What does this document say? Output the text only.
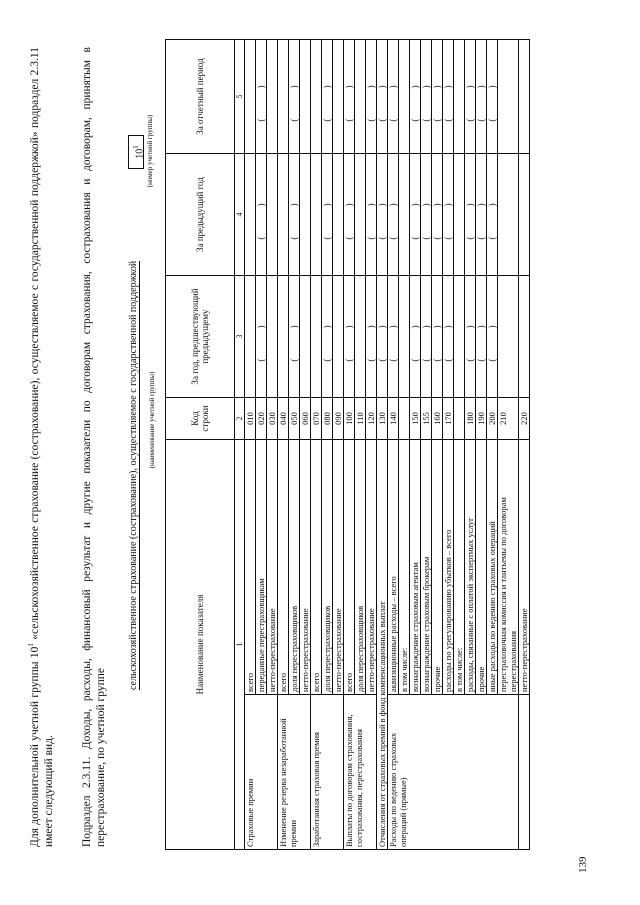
139

Для дополнительной учетной группы $10^1$ «сельскохозяйственное страхование (сострахование), осуществляемое с государственной поддержкой» подраздел 2.3.11 имеет следующий вид. Подраздел 2.3.11. Доходы, расходы, финансовый результат и другие показатели по договорам страхования, сострахования и договорам, принятым в перестрахование, по учетной группе

$10^1$ (номер учетной группы)
сельскохозяйственное страхование (сострахование), осуществляемое с государственной поддержкой (наименование учетной группы)
Наименование показателя		Код строки	За год, предшествующий предыдущему	За предыдущий год	За отчетный период
1		2	3	4	5
Страховые премии	всего	010			
	переданные перестраховщикам	020	( )	( )	( )
	нетто-перестрахование	030			
Изменение резерва незаработанной премии	всего	040			
	доля перестраховщиков	050	( )	( )	( )
	нетто-перестрахование	060			
Заработанная страховая премия	всего	070			
	доля перестраховщиков	080	( )	( )	( )
	нетто-перестрахование	090			
Выплаты по договорам страхования, сострахования, перестрахования	всего	100	( )	( )	( )
	доля перестраховщиков	110			
	нетто-перестрахование	120	( )	( )	( )
Отчисления от страховых премий в фонд компенсационных выплат		130	( )	( )	( )
Расходы по ведению страховых операций (прямые)	аквизиционные расходы – всего	140	( )	( )	( )
	в том числе:				
	вознаграждение страховым агентам	150	( )	( )	( )
	вознаграждение страховым брокерам	155	( )	( )	( )
	прочие	160	( )	( )	( )
	расходы по урегулированию убытков – всего	170	( )	( )	( )
	в том числе:				
	расходы, связанные с оплатой экспертных услуг	180	( )	( )	( )
	прочие	190	( )	( )	( )
	иные расходы по ведению страховых операций	200	( )	( )	( )
	перестраховочная комиссия и тантьемы по договорам перестрахования	210			
	нетто-перестрахование	220			
